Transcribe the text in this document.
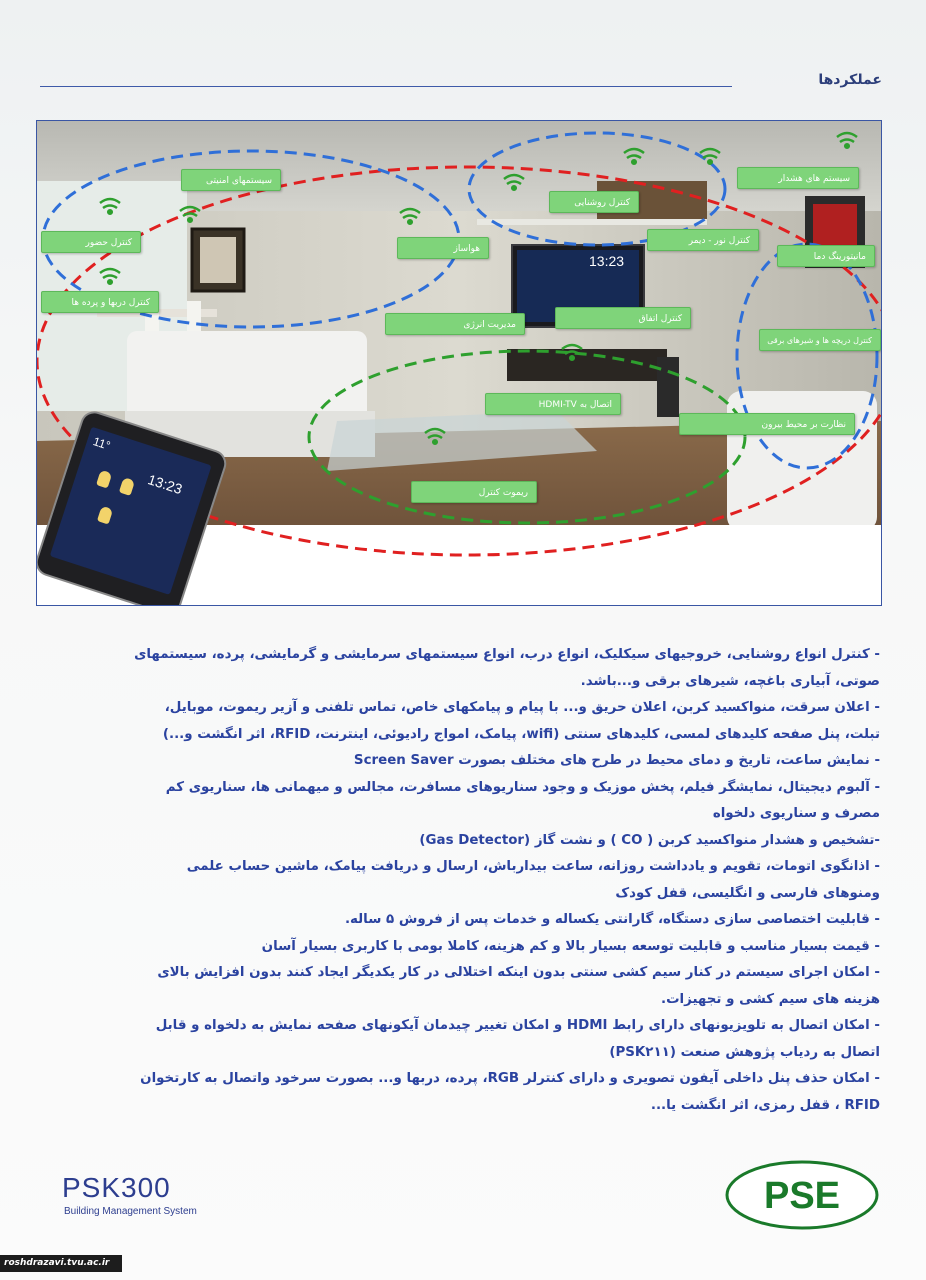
عملکردها
13:23
سیستمهای امنیتی
کنترل حضور
کنترل دربها و پرده ها
هواساز
کنترل روشنایی
سیستم های هشدار
کنترل نور - دیمر
مانیتورینگ دما
مدیریت انرژی
کنترل اتفاق
کنترل دریچه ها و شیرهای برقی
اتصال به HDMI-TV
نظارت بر محیط بیرون
ریموت کنترل
11°
13:23

- کنترل انواع روشنایی، خروجیهای سیکلیک، انواع درب، انواع سیستمهای سرمایشی و گرمایشی، پرده، سیستمهای صوتی، آبیاری باغچه، شیرهای برقی و...باشد.

- اعلان سرقت، منواکسید کربن، اعلان حریق و... با پیام و پیامکهای خاص، تماس تلفنی و آزیر ریموت، موبایل، تبلت، پنل صفحه کلیدهای لمسی، کلیدهای سنتی (wifi، پیامک، امواج رادیوئی، اینترنت، RFID، اثر انگشت و...)

- نمایش ساعت، تاریخ و دمای محیط در طرح های مختلف بصورت Screen Saver

- آلبوم دیجیتال، نمایشگر فیلم، پخش موزیک و وجود سناریوهای مسافرت، مجالس و میهمانی ها، سناریوی کم مصرف و سناریوی دلخواه

-تشخیص و هشدار منواکسید کربن ( CO ) و نشت گاز (Gas Detector)

- اذانگوی اتومات، تقویم و یادداشت روزانه، ساعت بیدارباش، ارسال و دریافت پیامک، ماشین حساب علمی ومنوهای فارسی و انگلیسی، قفل کودک

- قابلیت اختصاصی سازی دستگاه، گارانتی یکساله و خدمات پس از فروش ۵ ساله.

- قیمت بسیار مناسب و قابلیت توسعه بسیار بالا و کم هزینه، کاملا بومی با کاربری بسیار آسان

- امکان اجرای سیستم در کنار سیم کشی سنتی بدون اینکه اختلالی در کار یکدیگر ایجاد کنند بدون افزایش بالای هزینه های سیم کشی و تجهیزات.

- امکان اتصال به تلویزیونهای دارای رابط HDMI و امکان تغییر چیدمان آیکونهای صفحه نمایش به دلخواه و قابل اتصال به ردیاب پژوهش صنعت (PSK۲۱۱)

- امکان حذف پنل داخلی آیفون تصویری و دارای کنترلر RGB، پرده، دربها و... بصورت سرخود واتصال به کارتخوان RFID ، قفل رمزی، اثر انگشت یا...

PSK300
Building Management System	PSE
roshdrazavi.tvu.ac.ir
